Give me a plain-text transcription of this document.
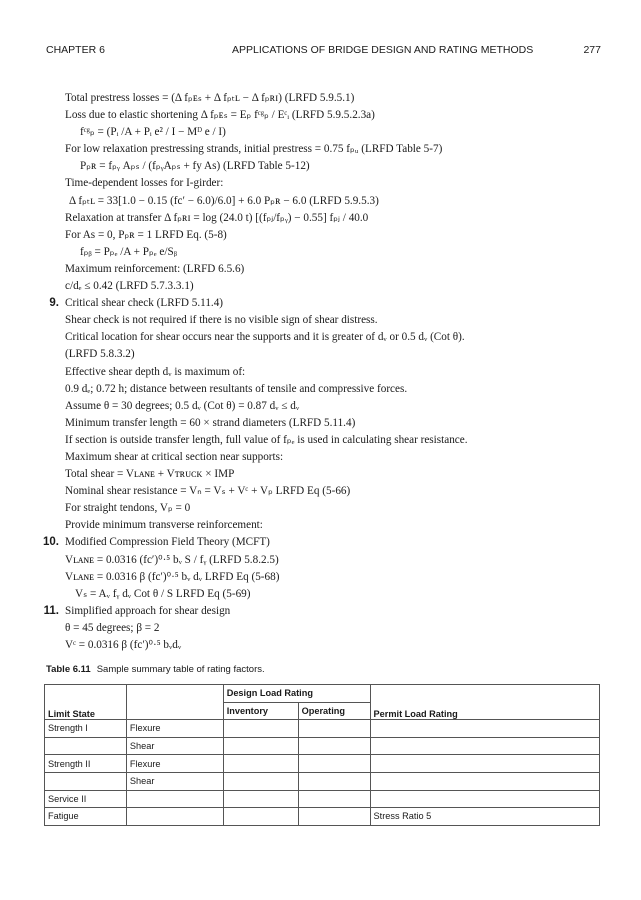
CHAPTER 6	APPLICATIONS OF BRIDGE DESIGN AND RATING METHODS	277
Total prestress losses = (Δ fₚᴇₛ + Δ fₚₜʟ − Δ fₚʀɪ) (LRFD 5.9.5.1)
Loss due to elastic shortening Δ fₚᴇₛ = Eₚ fᶜᵍₚ / Eᶜᵢ (LRFD 5.9.5.2.3a)
fᶜᵍₚ = (Pᵢ /A + Pᵢ e² / I − Mᴰ e / I)
For low relaxation prestressing strands, initial prestress = 0.75 fₚᵤ (LRFD Table 5-7)
Pₚʀ = fₚᵧ Aₚₛ / (fₚᵧAₚₛ + fy As) (LRFD Table 5-12)
Time-dependent losses for I-girder:
Δ fₚₜʟ = 33[1.0 − 0.15 (fc′ − 6.0)/6.0] + 6.0 Pₚʀ − 6.0 (LRFD 5.9.5.3)
Relaxation at transfer Δ fₚʀɪ = log (24.0 t) [(fₚⱼ/fₚᵧ) − 0.55] fₚⱼ / 40.0
For As = 0, Pₚʀ = 1 LRFD Eq. (5-8)
fₚᵦ = Pₚₑ /A + Pₚₑ e/Sᵦ
Maximum reinforcement: (LRFD 6.5.6)
c/dₑ ≤ 0.42 (LRFD 5.7.3.3.1)
9. Critical shear check (LRFD 5.11.4)
Shear check is not required if there is no visible sign of shear distress.
Critical location for shear occurs near the supports and it is greater of dᵥ or 0.5 dᵥ (Cot θ).
(LRFD 5.8.3.2)
Effective shear depth dᵥ is maximum of:
0.9 dₑ; 0.72 h; distance between resultants of tensile and compressive forces.
Assume θ = 30 degrees; 0.5 dᵥ (Cot θ) = 0.87 dᵥ ≤ dᵥ
Minimum transfer length = 60 × strand diameters (LRFD 5.11.4)
If section is outside transfer length, full value of fₚₑ is used in calculating shear resistance.
Maximum shear at critical section near supports:
Total shear = Vʟᴀɴᴇ + Vᴛʀᴜᴄᴋ × IMP
Nominal shear resistance = Vₙ = Vₛ + Vᶜ + Vₚ LRFD Eq (5-66)
For straight tendons, Vₚ = 0
Provide minimum transverse reinforcement:
10. Modified Compression Field Theory (MCFT)
Vʟᴀɴᴇ = 0.0316 (fc′)⁰·⁵ bᵥ S / fᵧ (LRFD 5.8.2.5)
Vʟᴀɴᴇ = 0.0316 β (fc′)⁰·⁵ bᵥ dᵥ LRFD Eq (5-68)
Vₛ = Aᵥ fᵧ dᵥ Cot θ / S LRFD Eq (5-69)
11. Simplified approach for shear design
θ = 45 degrees; β = 2
Vᶜ = 0.0316 β (fc′)⁰·⁵ bᵥdᵥ
Table 6.11 Sample summary table of rating factors.
Limit State		Design Load Rating		Permit Load Rating
		Inventory	Operating	
Strength I	Flexure			
	Shear			
Strength II	Flexure			
	Shear			
Service II				
Fatigue				Stress Ratio 5
